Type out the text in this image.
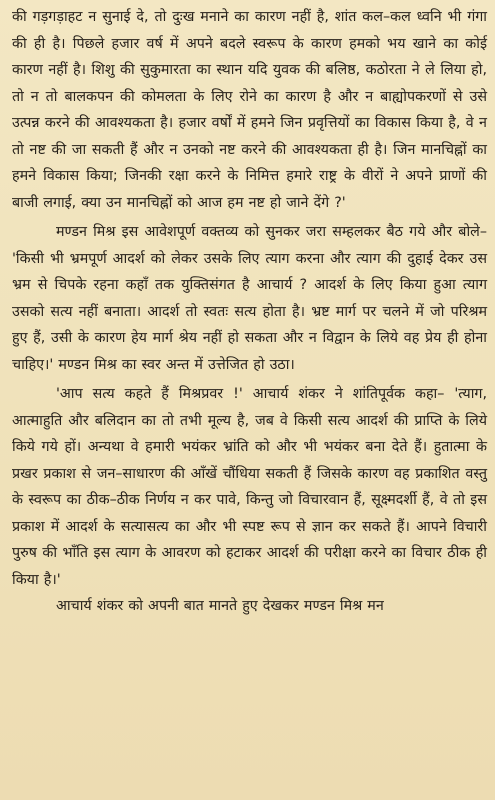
की गड़गड़ाहट न सुनाई दे, तो दुःख मनाने का कारण नहीं है, शांत कल–कल ध्वनि भी गंगा की ही है। पिछले हजार वर्ष में अपने बदले स्वरूप के कारण हमको भय खाने का कोई कारण नहीं है। शिशु की सुकुमारता का स्थान यदि युवक की बलिष्ठ, कठोरता ने ले लिया हो, तो न तो बालकपन की कोमलता के लिए रोने का कारण है और न बाह्योपकरणों से उसे उत्पन्न करने की आवश्यकता है। हजार वर्षों में हमने जिन प्रवृत्तियों का विकास किया है, वे न तो नष्ट की जा सकती हैं और न उनको नष्ट करने की आवश्यकता ही है। जिन मानचिह्नों का हमने विकास किया; जिनकी रक्षा करने के निमित्त हमारे राष्ट्र के वीरों ने अपने प्राणों की बाजी लगाई, क्या उन मानचिह्नों को आज हम नष्ट हो जाने देंगे ?'

मण्डन मिश्र इस आवेशपूर्ण वक्तव्य को सुनकर जरा सम्हलकर बैठ गये और बोले– 'किसी भी भ्रमपूर्ण आदर्श को लेकर उसके लिए त्याग करना और त्याग की दुहाई देकर उस भ्रम से चिपके रहना कहाँ तक युक्तिसंगत है आचार्य ? आदर्श के लिए किया हुआ त्याग उसको सत्य नहीं बनाता। आदर्श तो स्वतः सत्य होता है। भ्रष्ट मार्ग पर चलने में जो परिश्रम हुए हैं, उसी के कारण हेय मार्ग श्रेय नहीं हो सकता और न विद्वान के लिये वह प्रेय ही होना चाहिए।' मण्डन मिश्र का स्वर अन्त में उत्तेजित हो उठा।

'आप सत्य कहते हैं मिश्रप्रवर !' आचार्य शंकर ने शांतिपूर्वक कहा– 'त्याग, आत्माहुति और बलिदान का तो तभी मूल्य है, जब वे किसी सत्य आदर्श की प्राप्ति के लिये किये गये हों। अन्यथा वे हमारी भयंकर भ्रांति को और भी भयंकर बना देते हैं। हुतात्मा के प्रखर प्रकाश से जन–साधारण की आँखें चौंधिया सकती हैं जिसके कारण वह प्रकाशित वस्तु के स्वरूप का ठीक–ठीक निर्णय न कर पावे, किन्तु जो विचारवान हैं, सूक्ष्मदर्शी हैं, वे तो इस प्रकाश में आदर्श के सत्यासत्य का और भी स्पष्ट रूप से ज्ञान कर सकते हैं। आपने विचारी पुरुष की भाँति इस त्याग के आवरण को हटाकर आदर्श की परीक्षा करने का विचार ठीक ही किया है।'

आचार्य शंकर को अपनी बात मानते हुए देखकर मण्डन मिश्र मन
